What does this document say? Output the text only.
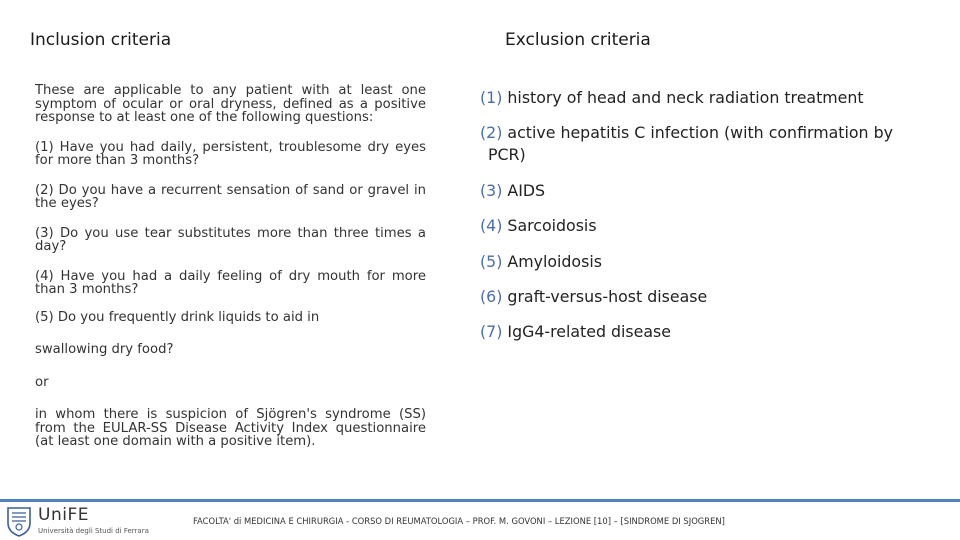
Inclusion criteria	Exclusion criteria

These are applicable to any patient with at least one symptom of ocular or oral dryness, defined as a positive response to at least one of the following questions:

(1) Have you had daily, persistent, troublesome dry eyes for more than 3 months?

(2) Do you have a recurrent sensation of sand or gravel in the eyes?

(3) Do you use tear substitutes more than three times a day?

(4) Have you had a daily feeling of dry mouth for more than 3 months?

(5) Do you frequently drink liquids to aid in

swallowing dry food?

or

in whom there is suspicion of Sjögren's syndrome (SS) from the EULAR-SS Disease Activity Index questionnaire (at least one domain with a positive item).

(1) history of head and neck radiation treatment

(2) active hepatitis C infection (with confirmation by
PCR)

(3) AIDS

(4) Sarcoidosis

(5) Amyloidosis

(6) graft-versus-host disease

(7) IgG4-related disease

UniFE
Università degli Studi di Ferrara
FACOLTA' di MEDICINA E CHIRURGIA - CORSO DI REUMATOLOGIA – PROF. M. GOVONI – LEZIONE [10] – [SINDROME DI SJOGREN]
